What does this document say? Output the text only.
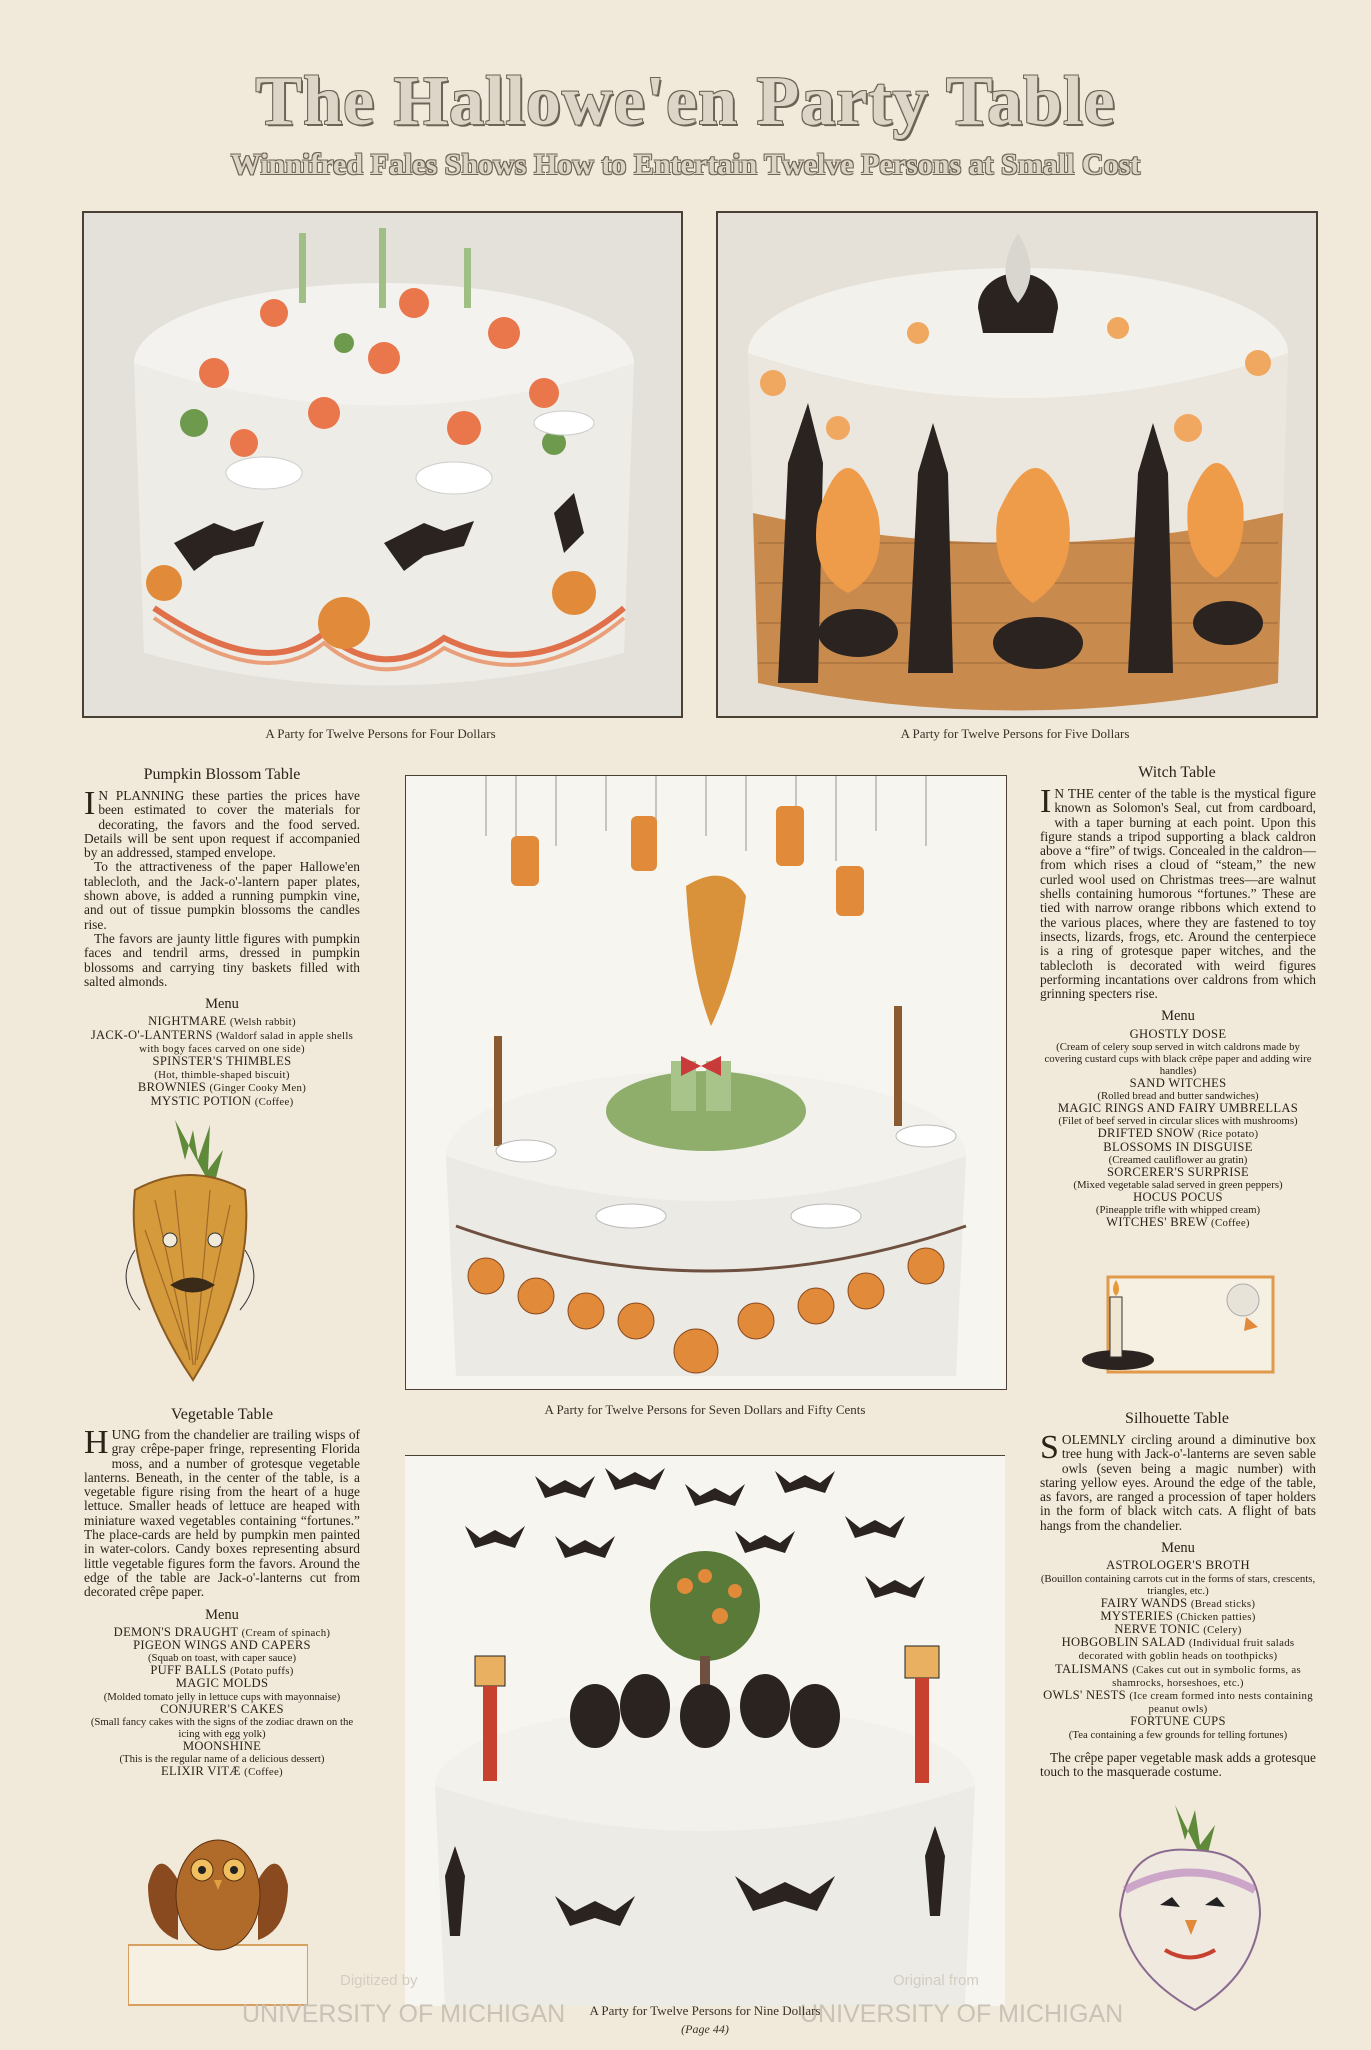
The Hallowe'en Party Table
Winnifred Fales Shows How to Entertain Twelve Persons at Small Cost
A Party for Twelve Persons for Four Dollars	A Party for Twelve Persons for Five Dollars
Pumpkin Blossom Table

I N PLANNING these parties the prices have been estimated to cover the materials for decorating, the favors and the food served. Details will be sent upon request if accompanied by an addressed, stamped envelope.

To the attractiveness of the paper Hallowe'en tablecloth, and the Jack-o'-lantern paper plates, shown above, is added a running pumpkin vine, and out of tissue pumpkin blossoms the candles rise.

The favors are jaunty little figures with pumpkin faces and tendril arms, dressed in pumpkin blossoms and carrying tiny baskets filled with salted almonds.

Menu
NIGHTMARE (Welsh rabbit)
JACK-O'-LANTERNS (Waldorf salad in apple shells with bogy faces carved on one side)
SPINSTER'S THIMBLES
(Hot, thimble-shaped biscuit)
BROWNIES (Ginger Cooky Men)
MYSTIC POTION (Coffee)
A Party for Twelve Persons for Seven Dollars and Fifty Cents
Witch Table

I N THE center of the table is the mystical figure known as Solomon's Seal, cut from cardboard, with a taper burning at each point. Upon this figure stands a tripod supporting a black caldron above a “fire” of twigs. Concealed in the caldron—from which rises a cloud of “steam,” the new curled wool used on Christmas trees—are walnut shells containing humorous “fortunes.” These are tied with narrow orange ribbons which extend to the various places, where they are fastened to toy insects, lizards, frogs, etc. Around the centerpiece is a ring of grotesque paper witches, and the tablecloth is decorated with weird figures performing incantations over caldrons from which grinning specters rise.

Menu
GHOSTLY DOSE
(Cream of celery soup served in witch caldrons made by covering custard cups with black crêpe paper and adding wire handles)
SAND WITCHES
(Rolled bread and butter sandwiches)
MAGIC RINGS AND FAIRY UMBRELLAS
(Filet of beef served in circular slices with mushrooms)
DRIFTED SNOW (Rice potato)
BLOSSOMS IN DISGUISE
(Creamed cauliflower au gratin)
SORCERER'S SURPRISE
(Mixed vegetable salad served in green peppers)
HOCUS POCUS
(Pineapple trifle with whipped cream)
WITCHES' BREW (Coffee)
Vegetable Table

HUNG from the chandelier are trailing wisps of gray crêpe-paper fringe, representing Florida moss, and a number of grotesque vegetable lanterns. Beneath, in the center of the table, is a vegetable figure rising from the heart of a huge lettuce. Smaller heads of lettuce are heaped with miniature waxed vegetables containing “fortunes.” The place-cards are held by pumpkin men painted in water-colors. Candy boxes representing absurd little vegetable figures form the favors. Around the edge of the table are Jack-o'-lanterns cut from decorated crêpe paper.

Menu
DEMON'S DRAUGHT (Cream of spinach)
PIGEON WINGS AND CAPERS
(Squab on toast, with caper sauce)
PUFF BALLS (Potato puffs)
MAGIC MOLDS
(Molded tomato jelly in lettuce cups with mayonnaise)
CONJURER'S CAKES
(Small fancy cakes with the signs of the zodiac drawn on the icing with egg yolk)
MOONSHINE
(This is the regular name of a delicious dessert)
ELIXIR VITÆ (Coffee)
A Party for Twelve Persons for Nine Dollars
(Page 44)
Silhouette Table

SOLEMNLY circling around a diminutive box tree hung with Jack-o'-lanterns are seven sable owls (seven being a magic number) with staring yellow eyes. Around the edge of the table, as favors, are ranged a procession of taper holders in the form of black witch cats. A flight of bats hangs from the chandelier.

Menu
ASTROLOGER'S BROTH
(Bouillon containing carrots cut in the forms of stars, crescents, triangles, etc.)
FAIRY WANDS (Bread sticks)
MYSTERIES (Chicken patties)
NERVE TONIC (Celery)
HOBGOBLIN SALAD (Individual fruit salads decorated with goblin heads on toothpicks)
TALISMANS (Cakes cut out in symbolic forms, as shamrocks, horseshoes, etc.)
OWLS' NESTS (Ice cream formed into nests containing peanut owls)
FORTUNE CUPS
(Tea containing a few grounds for telling fortunes)

The crêpe paper vegetable mask adds a grotesque touch to the masquerade costume.

Digitized by	Original from
UNIVERSITY OF MICHIGAN	UNIVERSITY OF MICHIGAN
